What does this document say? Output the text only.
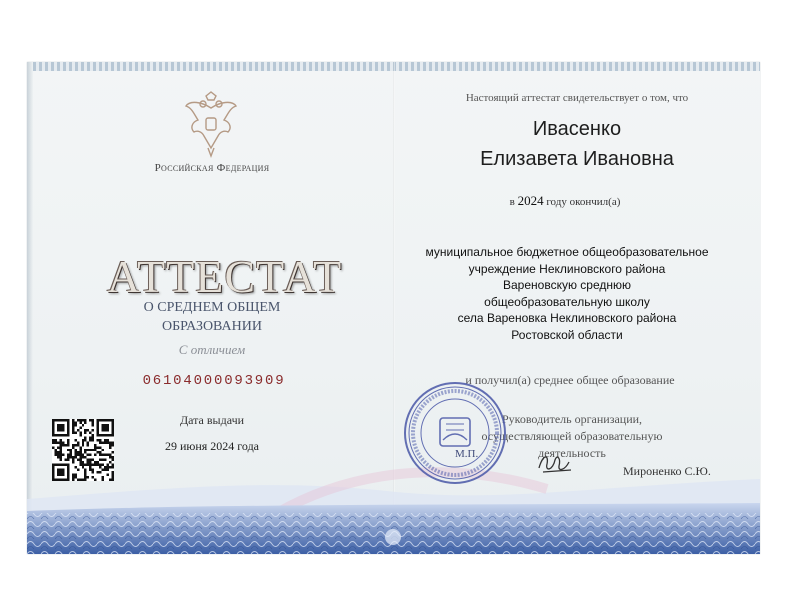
Российская Федерация
АТТЕСТАТ
О СРЕДНЕМ ОБЩЕМ
ОБРАЗОВАНИИ
С отличием
06104000093909
Дата выдачи
29 июня 2024 года
Настоящий аттестат свидетельствует о том, что
Ивасенко
Елизавета Ивановна
в 2024 году окончил(а)
муниципальное бюджетное общеобразовательное
учреждение Неклиновского района
Вареновскую среднюю
общеобразовательную школу
села Вареновка Неклиновского района
Ростовской области
и получил(а) среднее общее образование
Руководитель организации,
осуществляющей образовательную деятельность
М.П.
Мироненко С.Ю.
